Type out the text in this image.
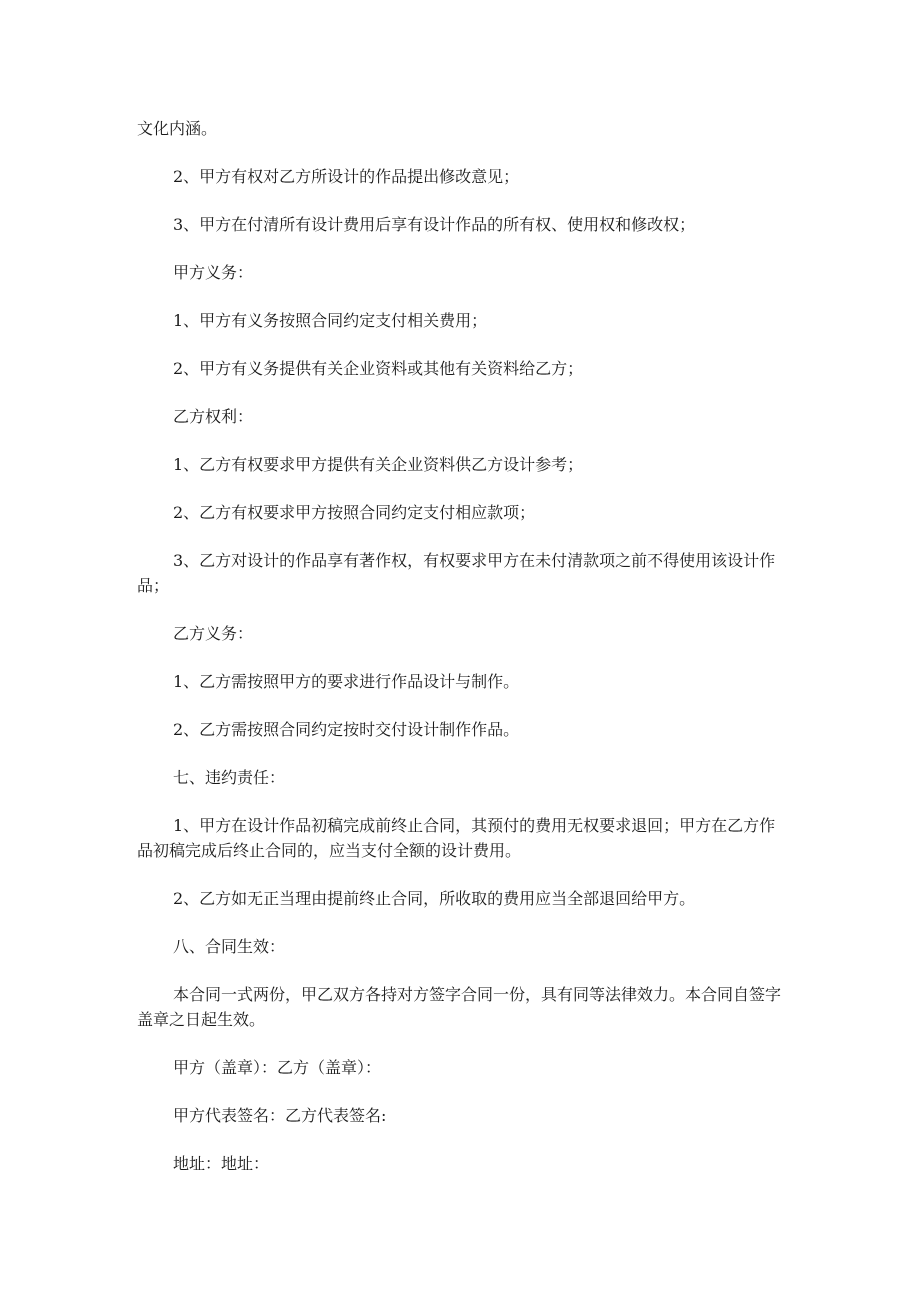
文化内涵。

2、甲方有权对乙方所设计的作品提出修改意见；

3、甲方在付清所有设计费用后享有设计作品的所有权、使用权和修改权；

甲方义务：

1、甲方有义务按照合同约定支付相关费用；

2、甲方有义务提供有关企业资料或其他有关资料给乙方；

乙方权利：

1、乙方有权要求甲方提供有关企业资料供乙方设计参考；

2、乙方有权要求甲方按照合同约定支付相应款项；

3、乙方对设计的作品享有著作权，有权要求甲方在未付清款项之前不得使用该设计作品；

乙方义务：

1、乙方需按照甲方的要求进行作品设计与制作。

2、乙方需按照合同约定按时交付设计制作作品。

七、违约责任：

1、甲方在设计作品初稿完成前终止合同，其预付的费用无权要求退回；甲方在乙方作品初稿完成后终止合同的，应当支付全额的设计费用。

2、乙方如无正当理由提前终止合同，所收取的费用应当全部退回给甲方。

八、合同生效：

本合同一式两份，甲乙双方各持对方签字合同一份，具有同等法律效力。本合同自签字盖章之日起生效。

甲方（盖章）：乙方（盖章）：

甲方代表签名：乙方代表签名:

地址：地址：
